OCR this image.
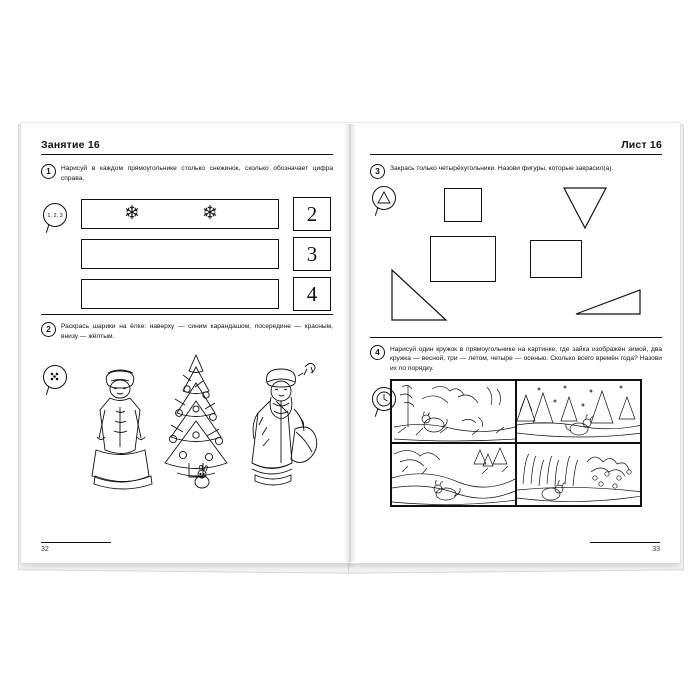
Занятие 16
1	Нарисуй в каждом прямоугольнике столько снежинок, сколько обозначает цифра справа.
1, 2, 3	❄	❄	2
3
4
2	Раскрась шарики на ёлке: наверху — синим карандашом, посередине — красным, внизу — жёлтым.
32
Лист 16
3	Закрась только четырёхугольники. Назови фигуры, которые закрасил(а).
4	Нарисуй один кружок в прямоугольнике на картинке, где зайка изображён зимой, два кружка — весной, три — летом, четыре — осенью. Сколько всего времён года? Назови их по порядку.
33
